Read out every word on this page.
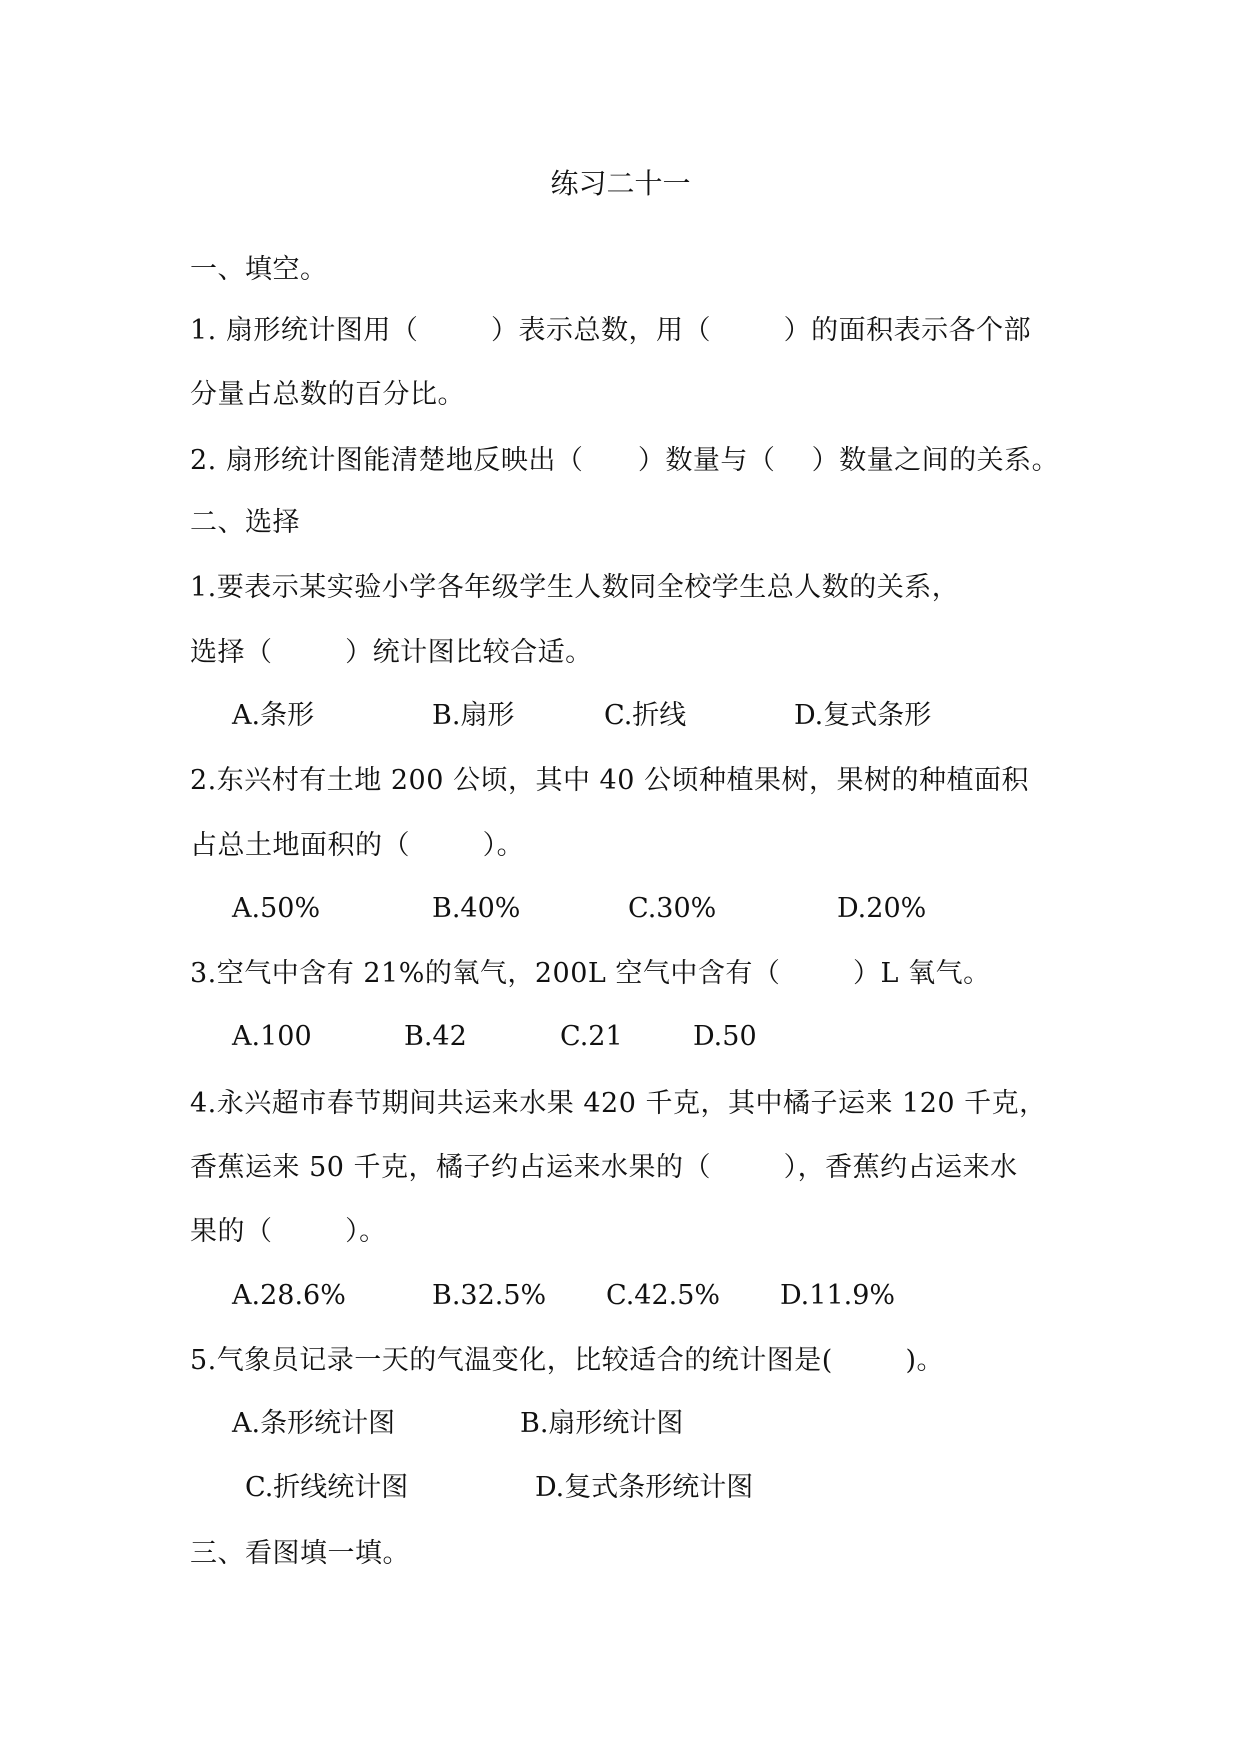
练习二十一
一、填空。
1. 扇形统计图用（        ）表示总数，用（        ）的面积表示各个部
分量占总数的百分比。
2. 扇形统计图能清楚地反映出（      ）数量与（    ）数量之间的关系。
二、选择
1.要表示某实验小学各年级学生人数同全校学生总人数的关系，
选择（        ）统计图比较合适。
A.条形	B.扇形	C.折线	D.复式条形
2.东兴村有土地 200 公顷，其中 40 公顷种植果树，果树的种植面积
占总土地面积的（        ）。
A.50%	B.40%	C.30%	D.20%
3.空气中含有 21%的氧气，200L 空气中含有（        ）L 氧气。
A.100	B.42	C.21	D.50
4.永兴超市春节期间共运来水果 420 千克，其中橘子运来 120 千克，
香蕉运来 50 千克，橘子约占运来水果的（        ），香蕉约占运来水
果的（        ）。
A.28.6%	B.32.5% C.42.5% D.11.9%
5.气象员记录一天的气温变化，比较适合的统计图是(        )。
A.条形统计图	B.扇形统计图
C.折线统计图	D.复式条形统计图
三、看图填一填。
